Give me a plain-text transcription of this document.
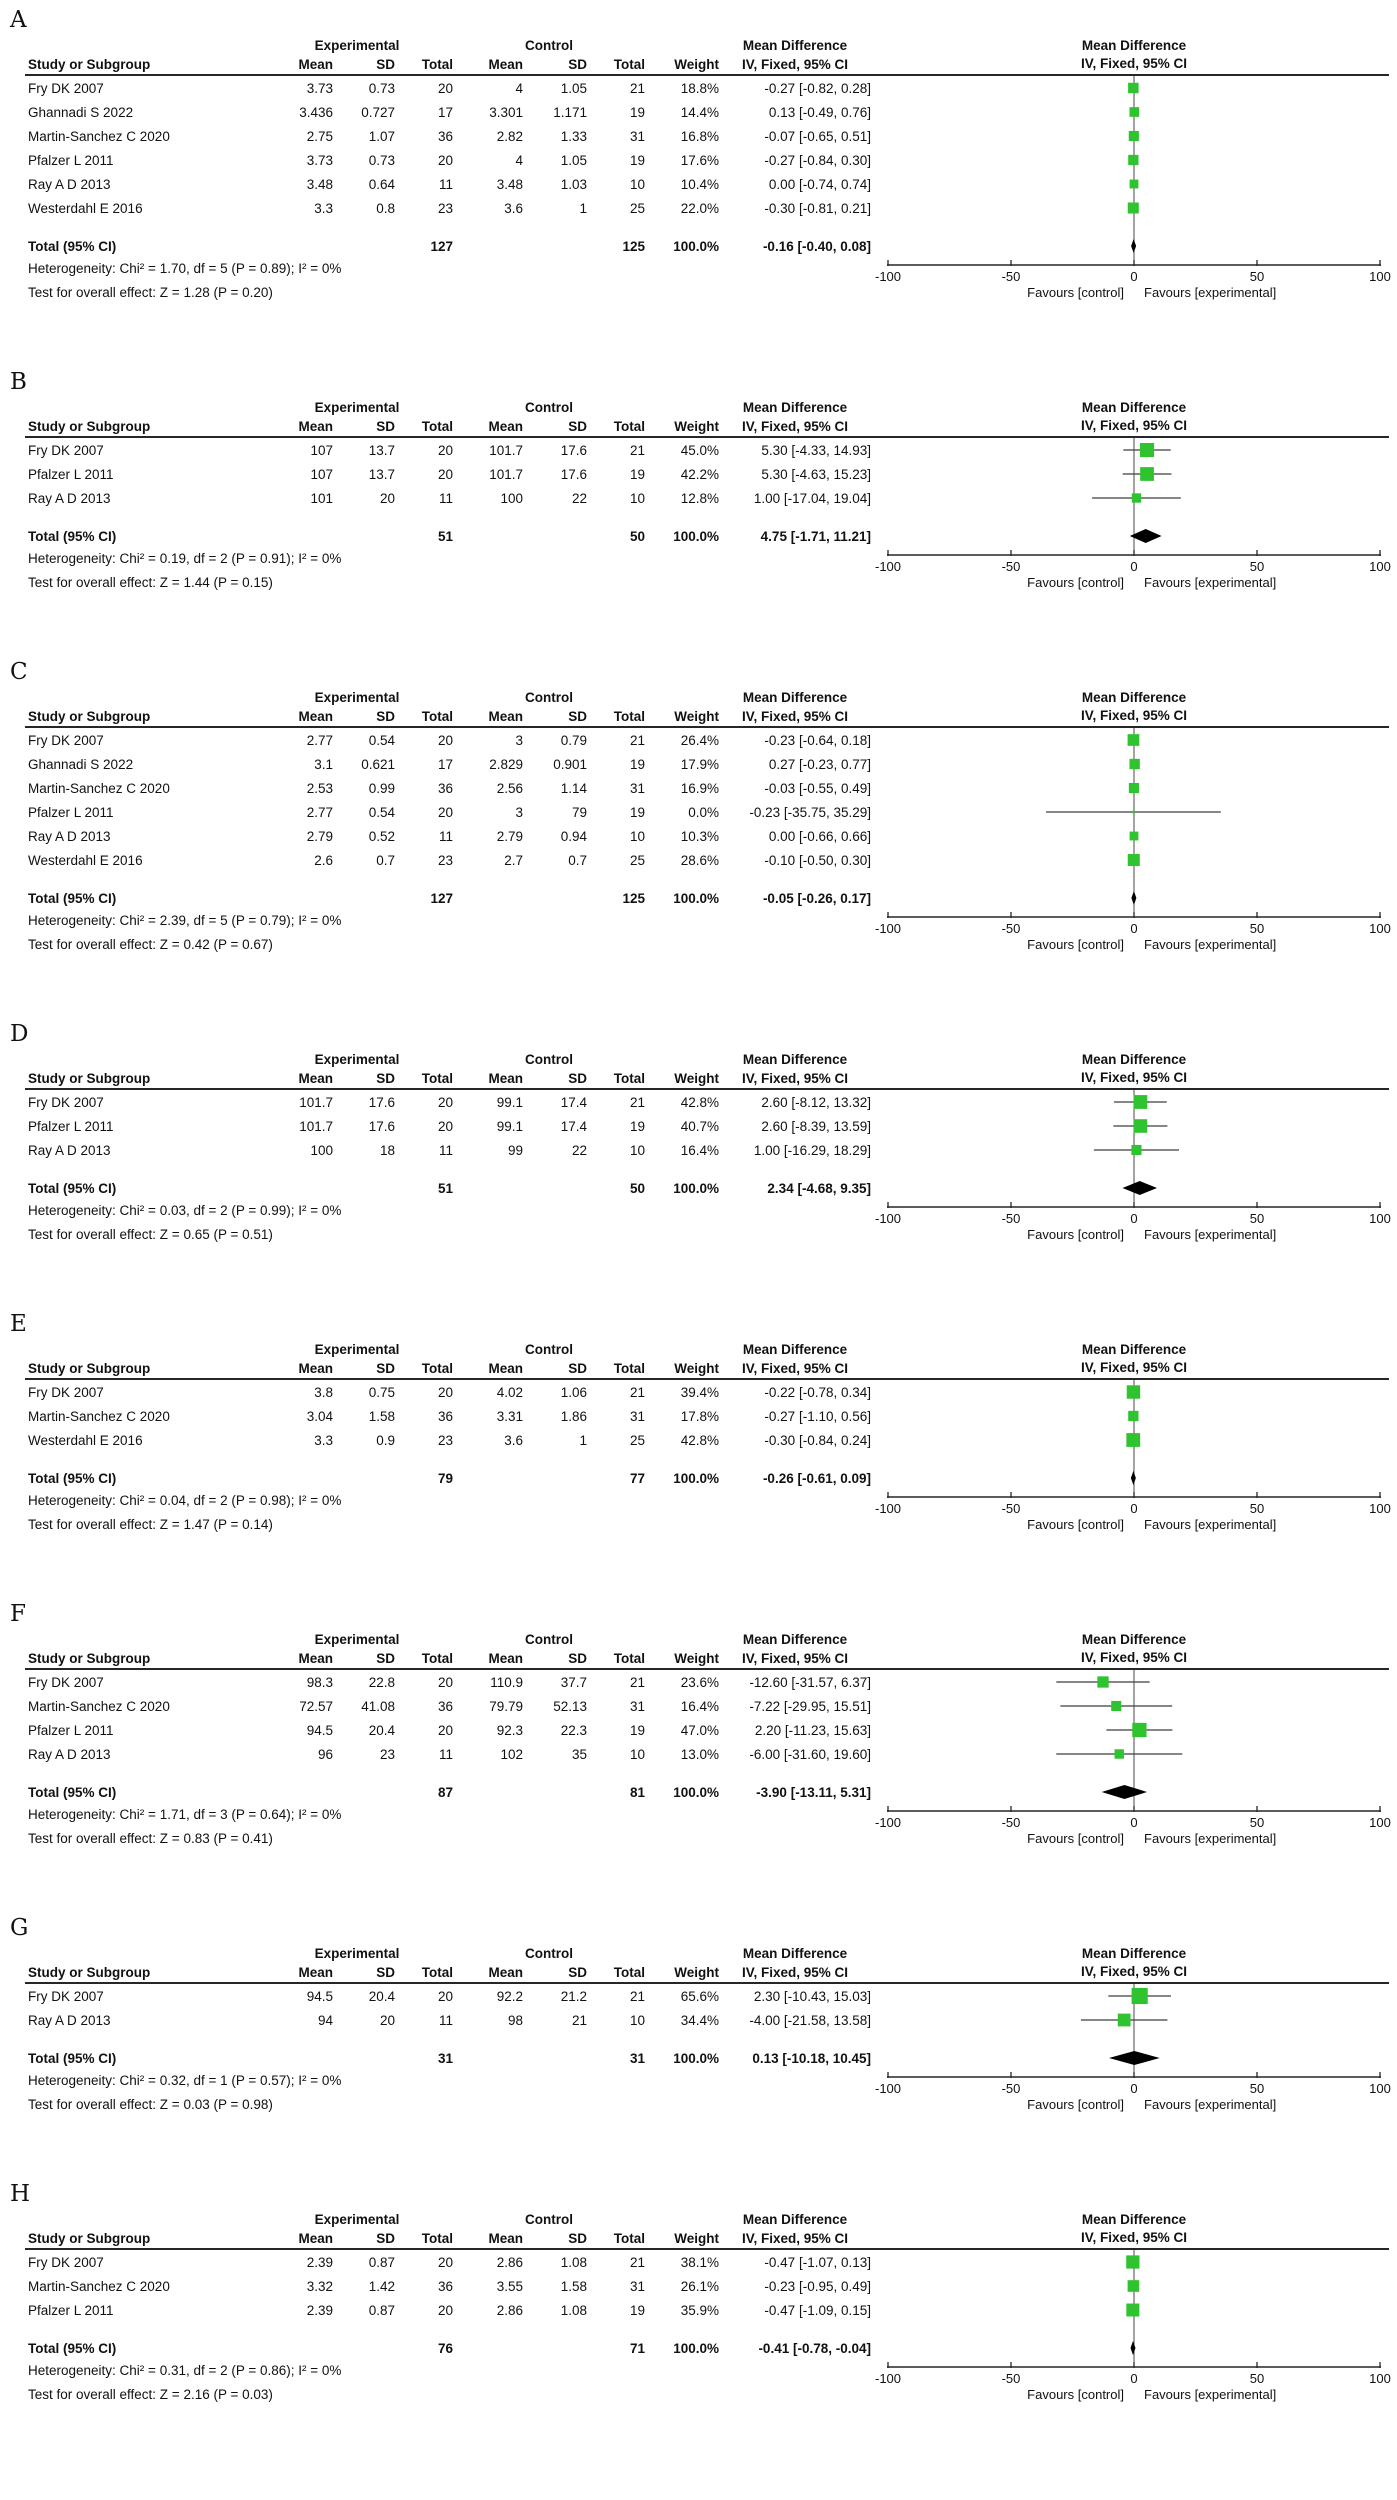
A
Experimental	Control	Mean Difference
Study or Subgroup	Mean	SD	Total	Mean	SD	Total	Weight	IV, Fixed, 95% CI
Fry DK 2007	3.73	0.73	20	4	1.05	21	18.8%	-0.27 [-0.82, 0.28]
Ghannadi S 2022	3.436	0.727	17	3.301	1.171	19	14.4%	0.13 [-0.49, 0.76]
Martin-Sanchez C 2020	2.75	1.07	36	2.82	1.33	31	16.8%	-0.07 [-0.65, 0.51]
Pfalzer L 2011	3.73	0.73	20	4	1.05	19	17.6%	-0.27 [-0.84, 0.30]
Ray A D 2013	3.48	0.64	11	3.48	1.03	10	10.4%	0.00 [-0.74, 0.74]
Westerdahl E 2016	3.3	0.8	23	3.6	1	25	22.0%	-0.30 [-0.81, 0.21]
Total (95% CI)	127	125	100.0%	-0.16 [-0.40, 0.08]
Heterogeneity: Chi² = 1.70, df = 5 (P = 0.89); I² = 0%
Test for overall effect: Z = 1.28 (P = 0.20)
Mean Difference
IV, Fixed, 95% CI
-100	-50	0	50	100
Favours [control] Favours [experimental]
B
Experimental	Control	Mean Difference
Study or Subgroup	Mean	SD	Total	Mean	SD	Total	Weight	IV, Fixed, 95% CI
Fry DK 2007	107	13.7	20	101.7	17.6	21	45.0%	5.30 [-4.33, 14.93]
Pfalzer L 2011	107	13.7	20	101.7	17.6	19	42.2%	5.30 [-4.63, 15.23]
Ray A D 2013	101	20	11	100	22	10	12.8%	1.00 [-17.04, 19.04]
Total (95% CI)	51	50	100.0%	4.75 [-1.71, 11.21]
Heterogeneity: Chi² = 0.19, df = 2 (P = 0.91); I² = 0%
Test for overall effect: Z = 1.44 (P = 0.15)
Mean Difference
IV, Fixed, 95% CI
-100	-50	0	50	100
Favours [control] Favours [experimental]
C
Experimental	Control	Mean Difference
Study or Subgroup	Mean	SD	Total	Mean	SD	Total	Weight	IV, Fixed, 95% CI
Fry DK 2007	2.77	0.54	20	3	0.79	21	26.4%	-0.23 [-0.64, 0.18]
Ghannadi S 2022	3.1	0.621	17	2.829	0.901	19	17.9%	0.27 [-0.23, 0.77]
Martin-Sanchez C 2020	2.53	0.99	36	2.56	1.14	31	16.9%	-0.03 [-0.55, 0.49]
Pfalzer L 2011	2.77	0.54	20	3	79	19	0.0%	-0.23 [-35.75, 35.29]
Ray A D 2013	2.79	0.52	11	2.79	0.94	10	10.3%	0.00 [-0.66, 0.66]
Westerdahl E 2016	2.6	0.7	23	2.7	0.7	25	28.6%	-0.10 [-0.50, 0.30]
Total (95% CI)	127	125	100.0%	-0.05 [-0.26, 0.17]
Heterogeneity: Chi² = 2.39, df = 5 (P = 0.79); I² = 0%
Test for overall effect: Z = 0.42 (P = 0.67)
Mean Difference
IV, Fixed, 95% CI
-100	-50	0	50	100
Favours [control] Favours [experimental]
D
Experimental	Control	Mean Difference
Study or Subgroup	Mean	SD	Total	Mean	SD	Total	Weight	IV, Fixed, 95% CI
Fry DK 2007	101.7	17.6	20	99.1	17.4	21	42.8%	2.60 [-8.12, 13.32]
Pfalzer L 2011	101.7	17.6	20	99.1	17.4	19	40.7%	2.60 [-8.39, 13.59]
Ray A D 2013	100	18	11	99	22	10	16.4%	1.00 [-16.29, 18.29]
Total (95% CI)	51	50	100.0%	2.34 [-4.68, 9.35]
Heterogeneity: Chi² = 0.03, df = 2 (P = 0.99); I² = 0%
Test for overall effect: Z = 0.65 (P = 0.51)
Mean Difference
IV, Fixed, 95% CI
-100	-50	0	50	100
Favours [control] Favours [experimental]
E
Experimental	Control	Mean Difference
Study or Subgroup	Mean	SD	Total	Mean	SD	Total	Weight	IV, Fixed, 95% CI
Fry DK 2007	3.8	0.75	20	4.02	1.06	21	39.4%	-0.22 [-0.78, 0.34]
Martin-Sanchez C 2020	3.04	1.58	36	3.31	1.86	31	17.8%	-0.27 [-1.10, 0.56]
Westerdahl E 2016	3.3	0.9	23	3.6	1	25	42.8%	-0.30 [-0.84, 0.24]
Total (95% CI)	79	77	100.0%	-0.26 [-0.61, 0.09]
Heterogeneity: Chi² = 0.04, df = 2 (P = 0.98); I² = 0%
Test for overall effect: Z = 1.47 (P = 0.14)
Mean Difference
IV, Fixed, 95% CI
-100	-50	0	50	100
Favours [control] Favours [experimental]
F
Experimental	Control	Mean Difference
Study or Subgroup	Mean	SD	Total	Mean	SD	Total	Weight	IV, Fixed, 95% CI
Fry DK 2007	98.3	22.8	20	110.9	37.7	21	23.6%	-12.60 [-31.57, 6.37]
Martin-Sanchez C 2020	72.57	41.08	36	79.79	52.13	31	16.4%	-7.22 [-29.95, 15.51]
Pfalzer L 2011	94.5	20.4	20	92.3	22.3	19	47.0%	2.20 [-11.23, 15.63]
Ray A D 2013	96	23	11	102	35	10	13.0%	-6.00 [-31.60, 19.60]
Total (95% CI)	87	81	100.0%	-3.90 [-13.11, 5.31]
Heterogeneity: Chi² = 1.71, df = 3 (P = 0.64); I² = 0%
Test for overall effect: Z = 0.83 (P = 0.41)
Mean Difference
IV, Fixed, 95% CI
-100	-50	0	50	100
Favours [control] Favours [experimental]
G
Experimental	Control	Mean Difference
Study or Subgroup	Mean	SD	Total	Mean	SD	Total	Weight	IV, Fixed, 95% CI
Fry DK 2007	94.5	20.4	20	92.2	21.2	21	65.6%	2.30 [-10.43, 15.03]
Ray A D 2013	94	20	11	98	21	10	34.4%	-4.00 [-21.58, 13.58]
Total (95% CI)	31	31	100.0%	0.13 [-10.18, 10.45]
Heterogeneity: Chi² = 0.32, df = 1 (P = 0.57); I² = 0%
Test for overall effect: Z = 0.03 (P = 0.98)
Mean Difference
IV, Fixed, 95% CI
-100	-50	0	50	100
Favours [control] Favours [experimental]
H
Experimental	Control	Mean Difference
Study or Subgroup	Mean	SD	Total	Mean	SD	Total	Weight	IV, Fixed, 95% CI
Fry DK 2007	2.39	0.87	20	2.86	1.08	21	38.1%	-0.47 [-1.07, 0.13]
Martin-Sanchez C 2020	3.32	1.42	36	3.55	1.58	31	26.1%	-0.23 [-0.95, 0.49]
Pfalzer L 2011	2.39	0.87	20	2.86	1.08	19	35.9%	-0.47 [-1.09, 0.15]
Total (95% CI)	76	71	100.0%	-0.41 [-0.78, -0.04]
Heterogeneity: Chi² = 0.31, df = 2 (P = 0.86); I² = 0%
Test for overall effect: Z = 2.16 (P = 0.03)
Mean Difference
IV, Fixed, 95% CI
-100	-50	0	50	100
Favours [control] Favours [experimental]
